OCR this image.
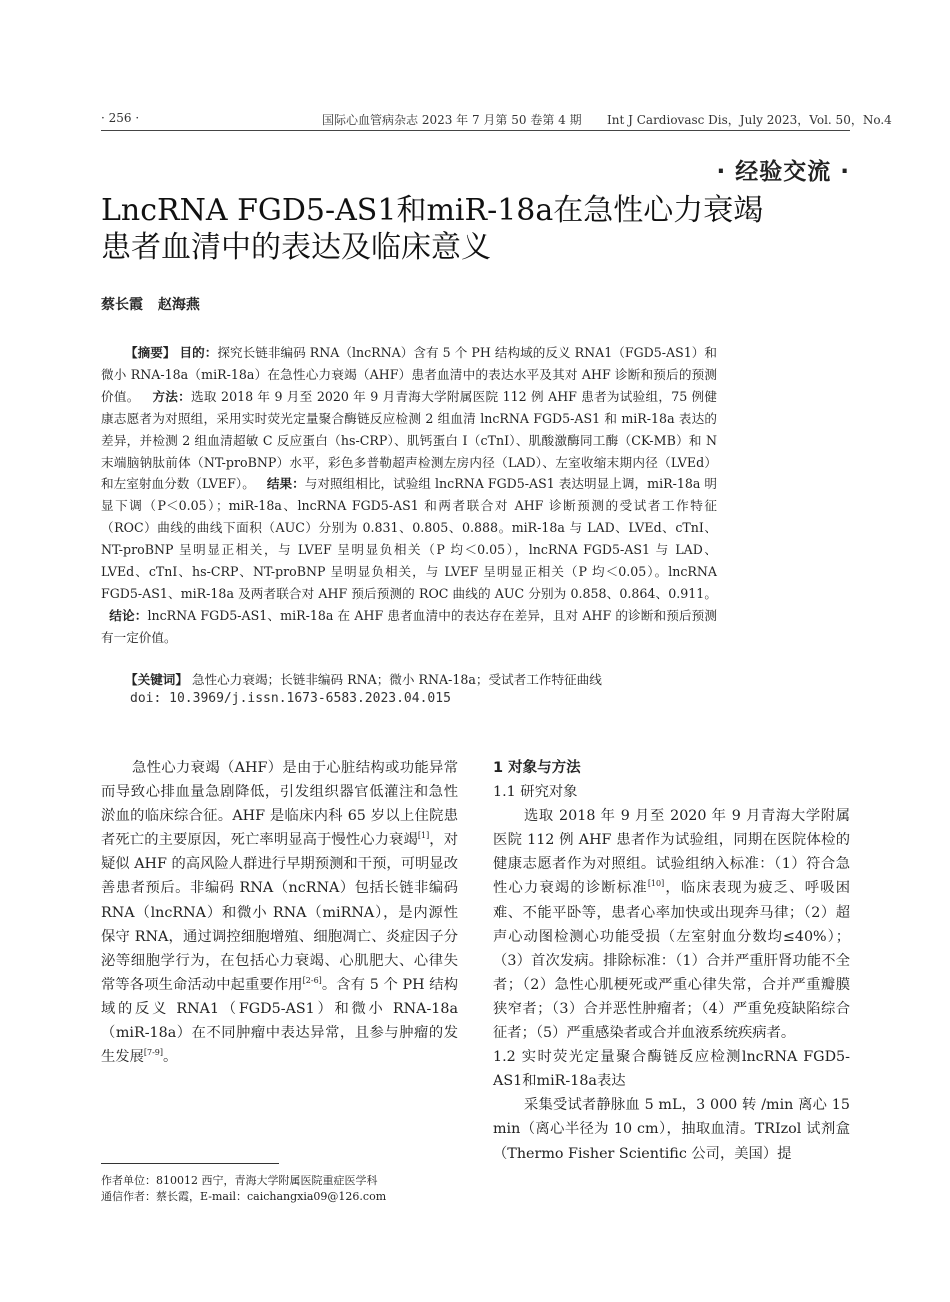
· 256 ·	国际心血管病杂志 2023 年 7 月第 50 卷第 4 期 Int J Cardiovasc Dis，July 2023，Vol. 50，No.4
· 经验交流 ·
LncRNA FGD5-AS1和miR-18a在急性心力衰竭
患者血清中的表达及临床意义
蔡长霞 赵海燕

【摘要】 目的：探究长链非编码 RNA（lncRNA）含有 5 个 PH 结构域的反义 RNA1（FGD5-AS1）和微小 RNA-18a（miR-18a）在急性心力衰竭（AHF）患者血清中的表达水平及其对 AHF 诊断和预后的预测价值。 方法：选取 2018 年 9 月至 2020 年 9 月青海大学附属医院 112 例 AHF 患者为试验组，75 例健康志愿者为对照组，采用实时荧光定量聚合酶链反应检测 2 组血清 lncRNA FGD5-AS1 和 miR-18a 表达的差异，并检测 2 组血清超敏 C 反应蛋白（hs-CRP）、肌钙蛋白 I（cTnI）、肌酸激酶同工酶（CK-MB）和 N 末端脑钠肽前体（NT-proBNP）水平，彩色多普勒超声检测左房内径（LAD）、左室收缩末期内径（LVEd）和左室射血分数（LVEF）。 结果：与对照组相比，试验组 lncRNA FGD5-AS1 表达明显上调，miR-18a 明显下调（P＜0.05）；miR-18a、lncRNA FGD5-AS1 和两者联合对 AHF 诊断预测的受试者工作特征（ROC）曲线的曲线下面积（AUC）分别为 0.831、0.805、0.888。miR-18a 与 LAD、LVEd、cTnI、NT-proBNP 呈明显正相关，与 LVEF 呈明显负相关（P 均＜0.05），lncRNA FGD5-AS1 与 LAD、LVEd、cTnI、hs-CRP、NT-proBNP 呈明显负相关，与 LVEF 呈明显正相关（P 均＜0.05）。lncRNA FGD5-AS1、miR-18a 及两者联合对 AHF 预后预测的 ROC 曲线的 AUC 分别为 0.858、0.864、0.911。   结论：lncRNA FGD5-AS1、miR-18a 在 AHF 患者血清中的表达存在差异，且对 AHF 的诊断和预后预测有一定价值。

【关键词】 急性心力衰竭；长链非编码 RNA；微小 RNA-18a；受试者工作特征曲线
doi: 10.3969/j.issn.1673-6583.2023.04.015

急性心力衰竭（AHF）是由于心脏结构或功能异常而导致心排血量急剧降低，引发组织器官低灌注和急性淤血的临床综合征。AHF 是临床内科 65 岁以上住院患者死亡的主要原因，死亡率明显高于慢性心力衰竭[1]，对疑似 AHF 的高风险人群进行早期预测和干预，可明显改善患者预后。非编码 RNA（ncRNA）包括长链非编码 RNA（lncRNA）和微小 RNA（miRNA），是内源性保守 RNA，通过调控细胞增殖、细胞凋亡、炎症因子分泌等细胞学行为，在包括心力衰竭、心肌肥大、心律失常等各项生命活动中起重要作用[2-6]。含有 5 个 PH 结构域的反义 RNA1（FGD5-AS1）和微小 RNA-18a（miR-18a）在不同肿瘤中表达异常，且参与肿瘤的发生发展[7-9]。

作者单位：810012 西宁，青海大学附属医院重症医学科
通信作者：蔡长霞，E-mail：caichangxia09@126.com

1 对象与方法

1.1 研究对象

选取 2018 年 9 月至 2020 年 9 月青海大学附属医院 112 例 AHF 患者作为试验组，同期在医院体检的健康志愿者作为对照组。试验组纳入标准：（1）符合急性心力衰竭的诊断标准[10]，临床表现为疲乏、呼吸困难、不能平卧等，患者心率加快或出现奔马律；（2）超声心动图检测心功能受损（左室射血分数均≤40%）；（3）首次发病。排除标准：（1）合并严重肝肾功能不全者；（2）急性心肌梗死或严重心律失常，合并严重瓣膜狭窄者；（3）合并恶性肿瘤者；（4）严重免疫缺陷综合征者；（5）严重感染者或合并血液系统疾病者。

1.2 实时荧光定量聚合酶链反应检测lncRNA FGD5-AS1和miR-18a表达

采集受试者静脉血 5 mL，3 000 转 /min 离心 15 min（离心半径为 10 cm），抽取血清。TRIzol 试剂盒（Thermo Fisher Scientific 公司，美国）提
